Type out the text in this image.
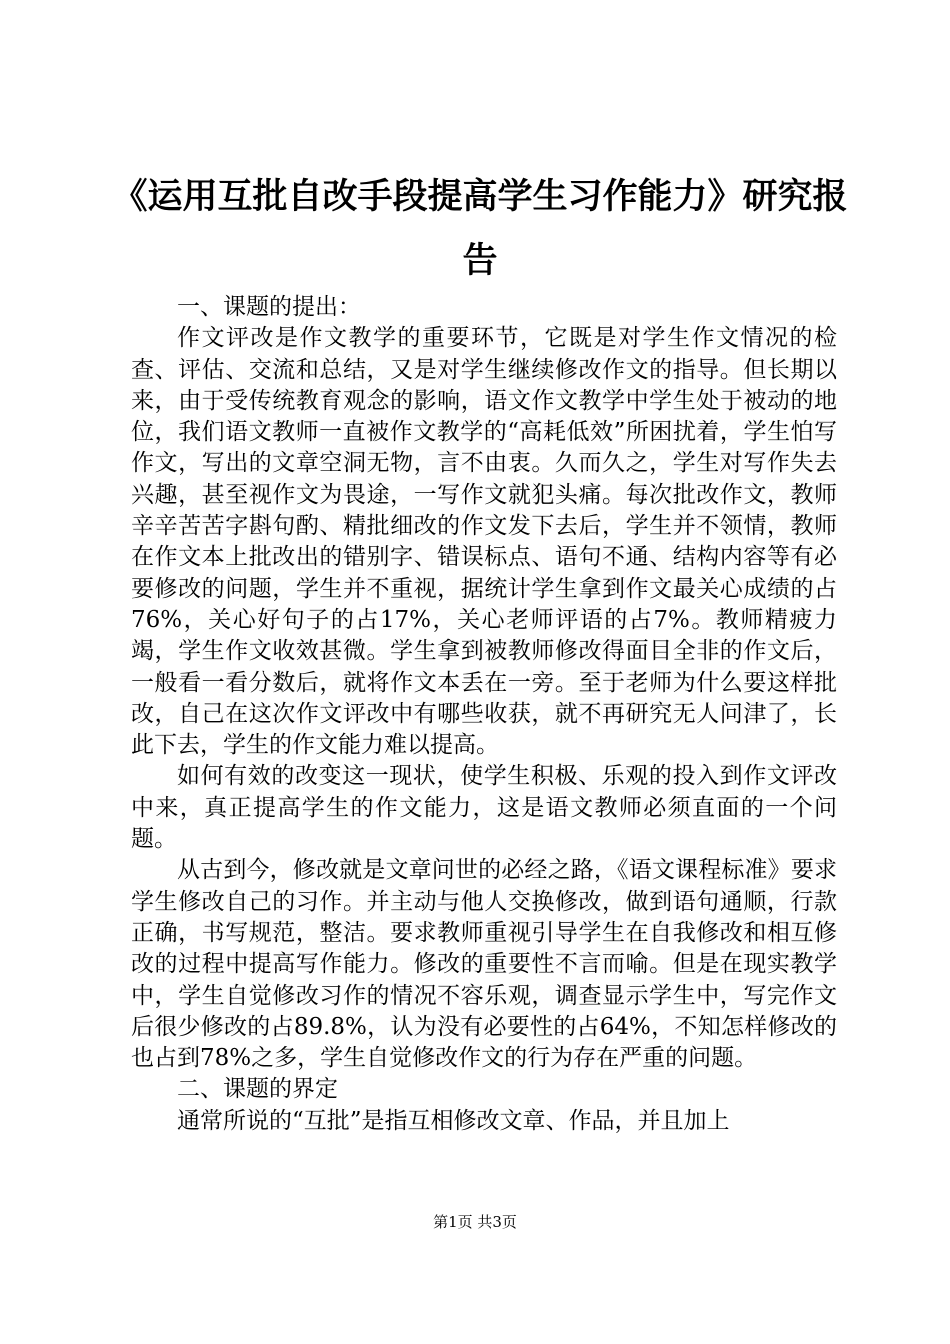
《运用互批自改手段提高学生习作能力》研究报告

一、课题的提出：

作文评改是作文教学的重要环节，它既是对学生作文情况的检查、评估、交流和总结，又是对学生继续修改作文的指导。但长期以来，由于受传统教育观念的影响，语文作文教学中学生处于被动的地位，我们语文教师一直被作文教学的“高耗低效”所困扰着，学生怕写作文，写出的文章空洞无物，言不由衷。久而久之，学生对写作失去兴趣，甚至视作文为畏途，一写作文就犯头痛。每次批改作文，教师辛辛苦苦字斟句酌、精批细改的作文发下去后，学生并不领情，教师在作文本上批改出的错别字、错误标点、语句不通、结构内容等有必要修改的问题，学生并不重视，据统计学生拿到作文最关心成绩的占76%，关心好句子的占17%，关心老师评语的占7%。教师精疲力竭，学生作文收效甚微。学生拿到被教师修改得面目全非的作文后，一般看一看分数后，就将作文本丢在一旁。至于老师为什么要这样批改，自己在这次作文评改中有哪些收获，就不再研究无人问津了，长此下去，学生的作文能力难以提高。

如何有效的改变这一现状，使学生积极、乐观的投入到作文评改中来，真正提高学生的作文能力，这是语文教师必须直面的一个问题。

从古到今，修改就是文章问世的必经之路，《语文课程标准》要求学生修改自己的习作。并主动与他人交换修改，做到语句通顺，行款正确，书写规范，整洁。要求教师重视引导学生在自我修改和相互修改的过程中提高写作能力。修改的重要性不言而喻。但是在现实教学中，学生自觉修改习作的情况不容乐观，调查显示学生中，写完作文后很少修改的占89.8%，认为没有必要性的占64%，不知怎样修改的也占到78%之多，学生自觉修改作文的行为存在严重的问题。

二、课题的界定

通常所说的“互批”是指互相修改文章、作品，并且加上

第1页 共3页
